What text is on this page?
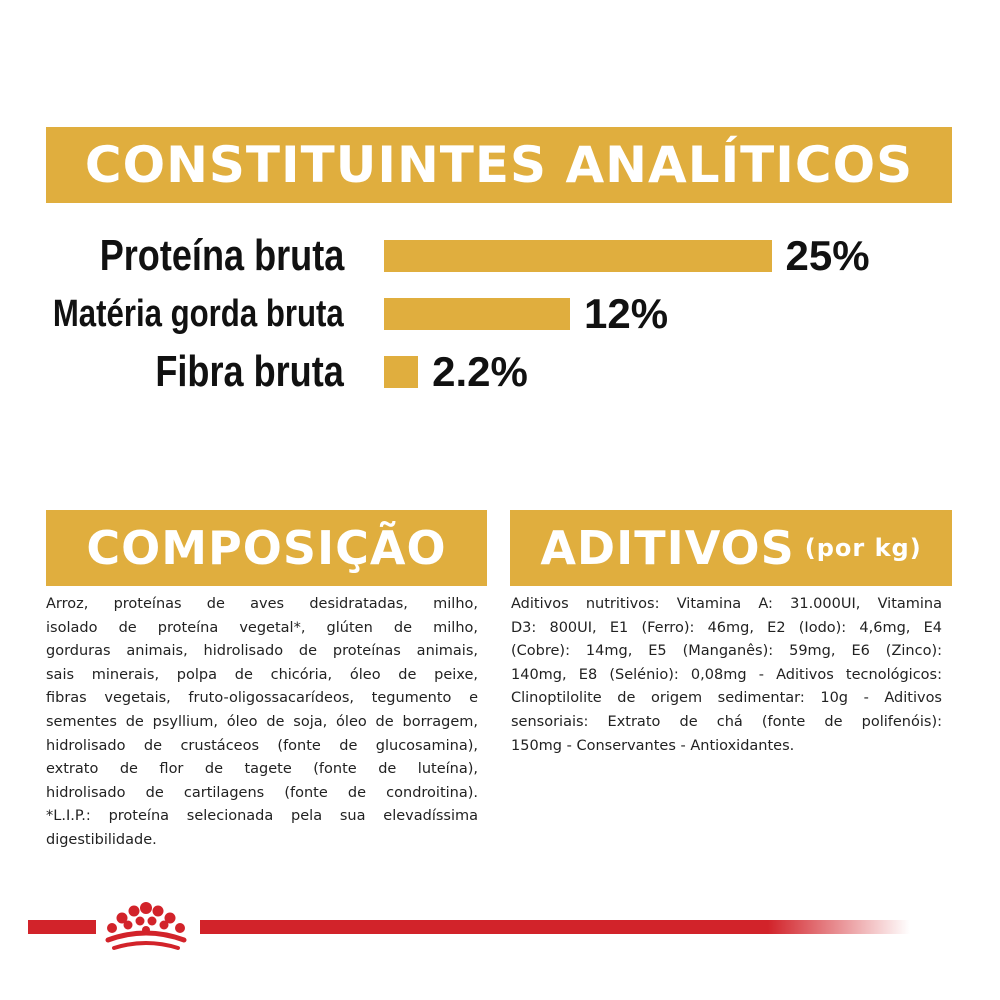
CONSTITUINTES ANALÍTICOS
Proteína bruta	25%
Matéria gorda bruta	12%
Fibra bruta 2.2%
COMPOSIÇÃO
Arroz, proteínas de aves desidratadas, milho,
isolado de proteína vegetal*, glúten de milho,
gorduras animais, hidrolisado de proteínas animais,
sais minerais, polpa de chicória, óleo de peixe,
fibras vegetais, fruto-oligossacarídeos, tegumento e
sementes de psyllium, óleo de soja, óleo de borragem,
hidrolisado de crustáceos (fonte de glucosamina),
extrato de flor de tagete (fonte de luteína),
hidrolisado de cartilagens (fonte de condroitina).
*L.I.P.: proteína selecionada pela sua elevadíssima
digestibilidade.
ADITIVOS (por kg)
Aditivos nutritivos: Vitamina A: 31.000UI, Vitamina
D3: 800UI, E1 (Ferro): 46mg, E2 (Iodo): 4,6mg, E4
(Cobre): 14mg, E5 (Manganês): 59mg, E6 (Zinco):
140mg, E8 (Selénio): 0,08mg - Aditivos tecnológicos:
Clinoptilolite de origem sedimentar: 10g - Aditivos
sensoriais: Extrato de chá (fonte de polifenóis):
150mg - Conservantes - Antioxidantes.
